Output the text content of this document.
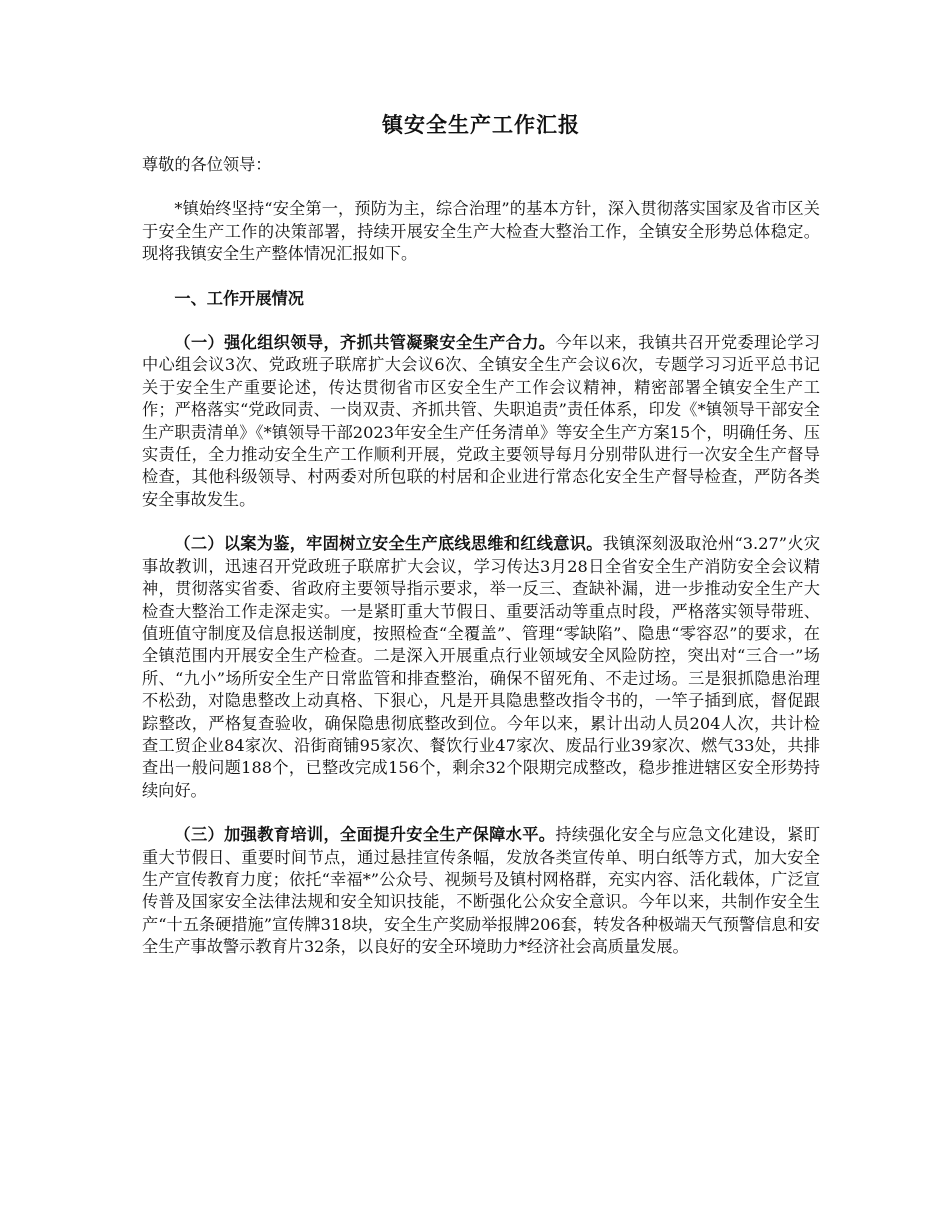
镇安全生产工作汇报
尊敬的各位领导：
*镇始终坚持“安全第一，预防为主，综合治理”的基本方针，深入贯彻落实国家及省市区关于安全生产工作的决策部署，持续开展安全生产大检查大整治工作，全镇安全形势总体稳定。现将我镇安全生产整体情况汇报如下。
一、工作开展情况
（一）强化组织领导，齐抓共管凝聚安全生产合力。今年以来，我镇共召开党委理论学习中心组会议3次、党政班子联席扩大会议6次、全镇安全生产会议6次，专题学习习近平总书记关于安全生产重要论述，传达贯彻省市区安全生产工作会议精神，精密部署全镇安全生产工作；严格落实“党政同责、一岗双责、齐抓共管、失职追责”责任体系，印发《*镇领导干部安全生产职责清单》《*镇领导干部2023年安全生产任务清单》等安全生产方案15个，明确任务、压实责任，全力推动安全生产工作顺利开展，党政主要领导每月分别带队进行一次安全生产督导检查，其他科级领导、村两委对所包联的村居和企业进行常态化安全生产督导检查，严防各类安全事故发生。
（二）以案为鉴，牢固树立安全生产底线思维和红线意识。我镇深刻汲取沧州“3.27”火灾事故教训，迅速召开党政班子联席扩大会议，学习传达3月28日全省安全生产消防安全会议精神，贯彻落实省委、省政府主要领导指示要求，举一反三、查缺补漏，进一步推动安全生产大检查大整治工作走深走实。一是紧盯重大节假日、重要活动等重点时段，严格落实领导带班、值班值守制度及信息报送制度，按照检查“全覆盖”、管理“零缺陷”、隐患“零容忍”的要求，在全镇范围内开展安全生产检查。二是深入开展重点行业领域安全风险防控，突出对“三合一”场所、“九小”场所安全生产日常监管和排查整治，确保不留死角、不走过场。三是狠抓隐患治理不松劲，对隐患整改上动真格、下狠心，凡是开具隐患整改指令书的，一竿子插到底，督促跟踪整改，严格复查验收，确保隐患彻底整改到位。今年以来，累计出动人员204人次，共计检查工贸企业84家次、沿街商铺95家次、餐饮行业47家次、废品行业39家次、燃气33处，共排查出一般问题188个，已整改完成156个，剩余32个限期完成整改，稳步推进辖区安全形势持续向好。
（三）加强教育培训，全面提升安全生产保障水平。持续强化安全与应急文化建设，紧盯重大节假日、重要时间节点，通过悬挂宣传条幅，发放各类宣传单、明白纸等方式，加大安全生产宣传教育力度；依托“幸福*”公众号、视频号及镇村网格群，充实内容、活化载体，广泛宣传普及国家安全法律法规和安全知识技能，不断强化公众安全意识。今年以来，共制作安全生产“十五条硬措施”宣传牌318块，安全生产奖励举报牌206套，转发各种极端天气预警信息和安全生产事故警示教育片32条，以良好的安全环境助力*经济社会高质量发展。
